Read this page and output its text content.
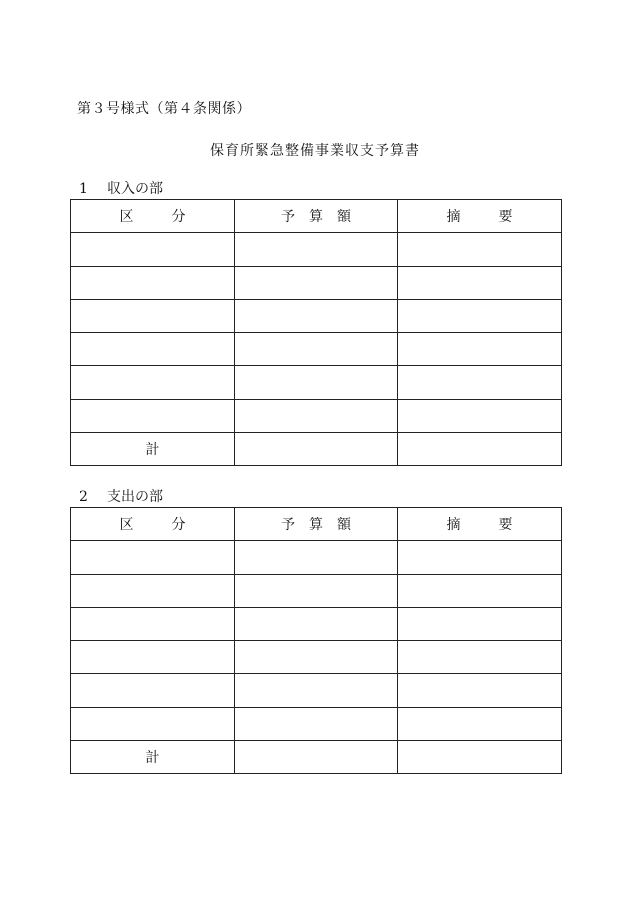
第３号様式（第４条関係）
保育所緊急整備事業収支予算書
1 収入の部
区 分	予 算 額	摘 要

計		
2 支出の部
区 分	予 算 額	摘 要

計		
